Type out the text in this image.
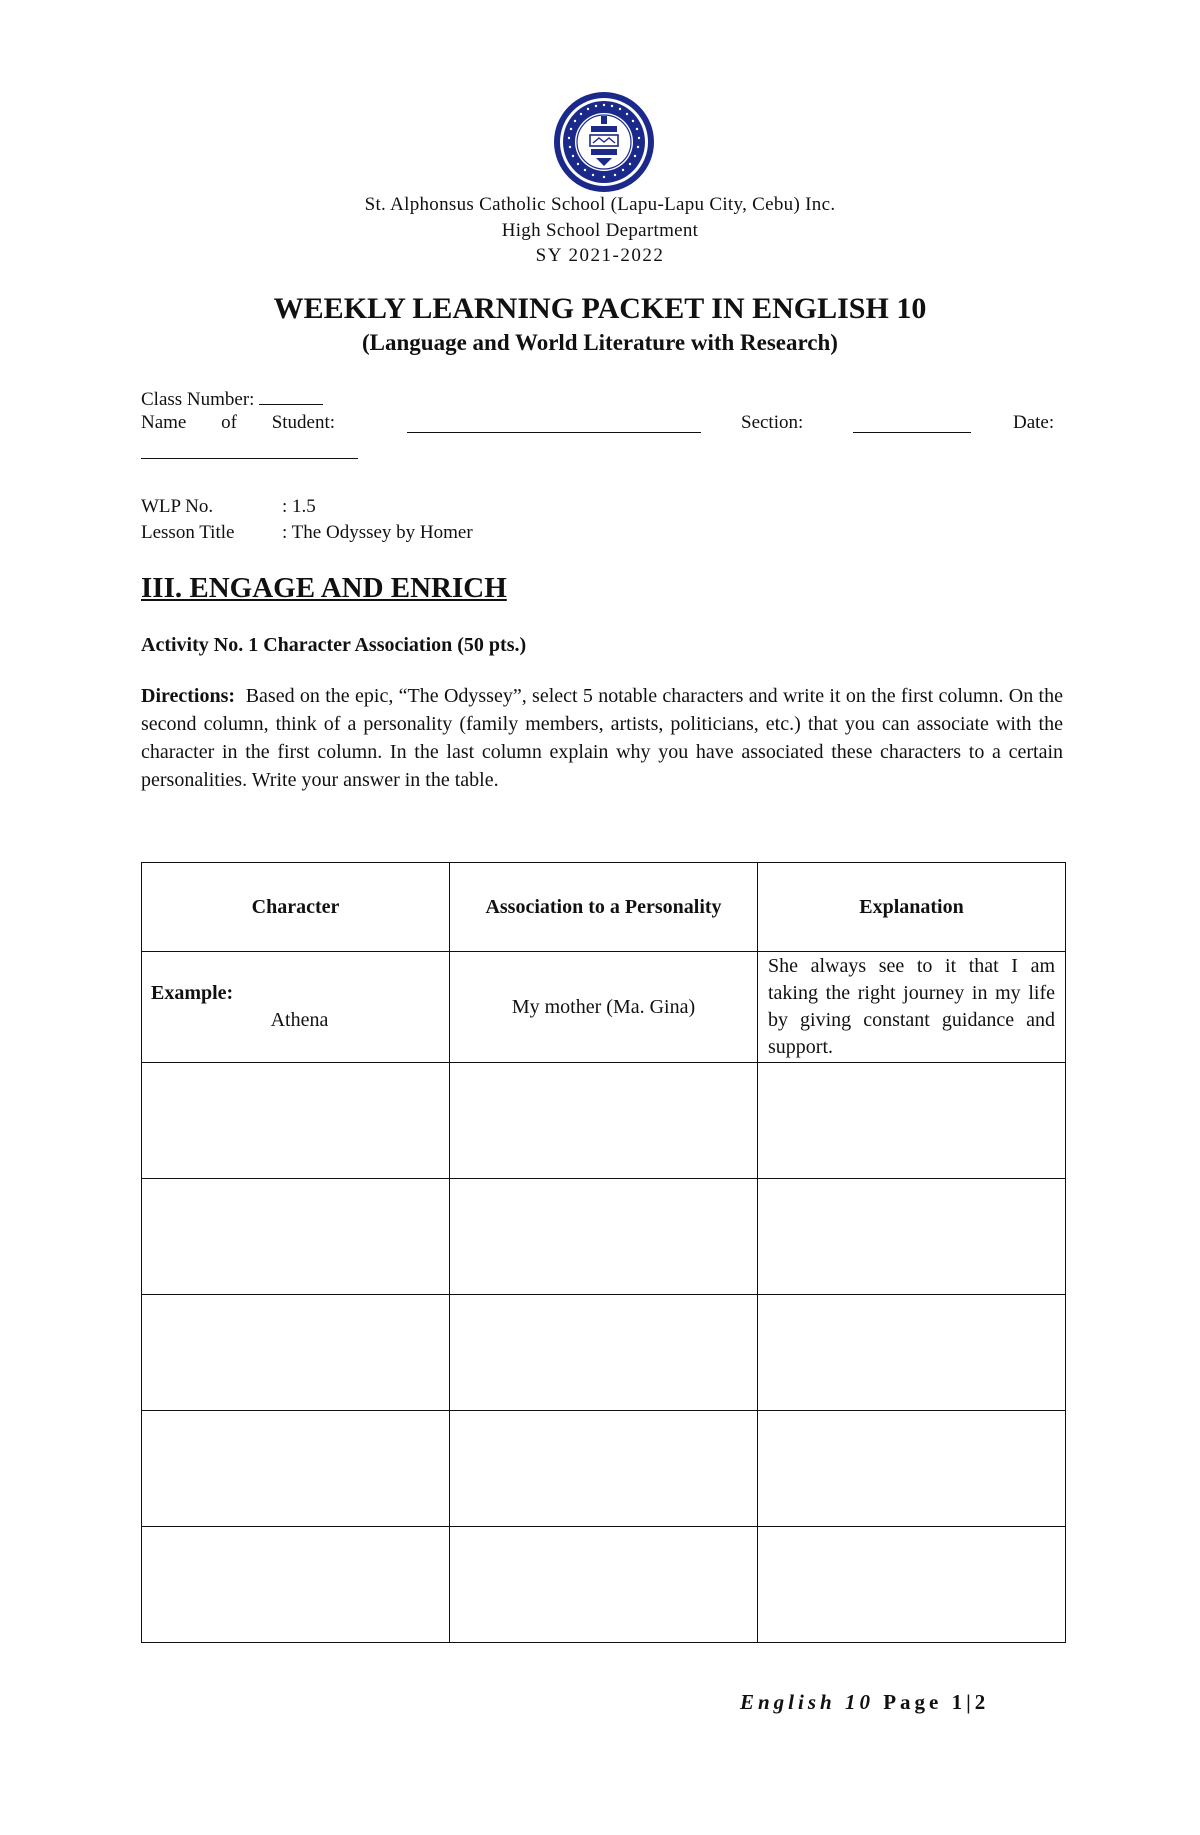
St. Alphonsus Catholic School (Lapu-Lapu City, Cebu) Inc.
High School Department
SY 2021-2022
WEEKLY LEARNING PACKET IN ENGLISH 10
(Language and World Literature with Research)
Class Number:
Name of Student:	Section:	Date:
WLP No.	: 1.5
Lesson Title	: The Odyssey by Homer
III. ENGAGE AND ENRICH
Activity No. 1 Character Association (50 pts.)
Directions: Based on the epic, “The Odyssey”, select 5 notable characters and write it on the first column. On the second column, think of a personality (family members, artists, politicians, etc.) that you can associate with the character in the first column. In the last column explain why you have associated these characters to a certain personalities. Write your answer in the table.
Character	Association to a Personality	Explanation

Example:
Athena	My mother (Ma. Gina)	She always see to it that I am taking the right journey in my life by giving constant guidance and support.

English 10 Page 1|2
